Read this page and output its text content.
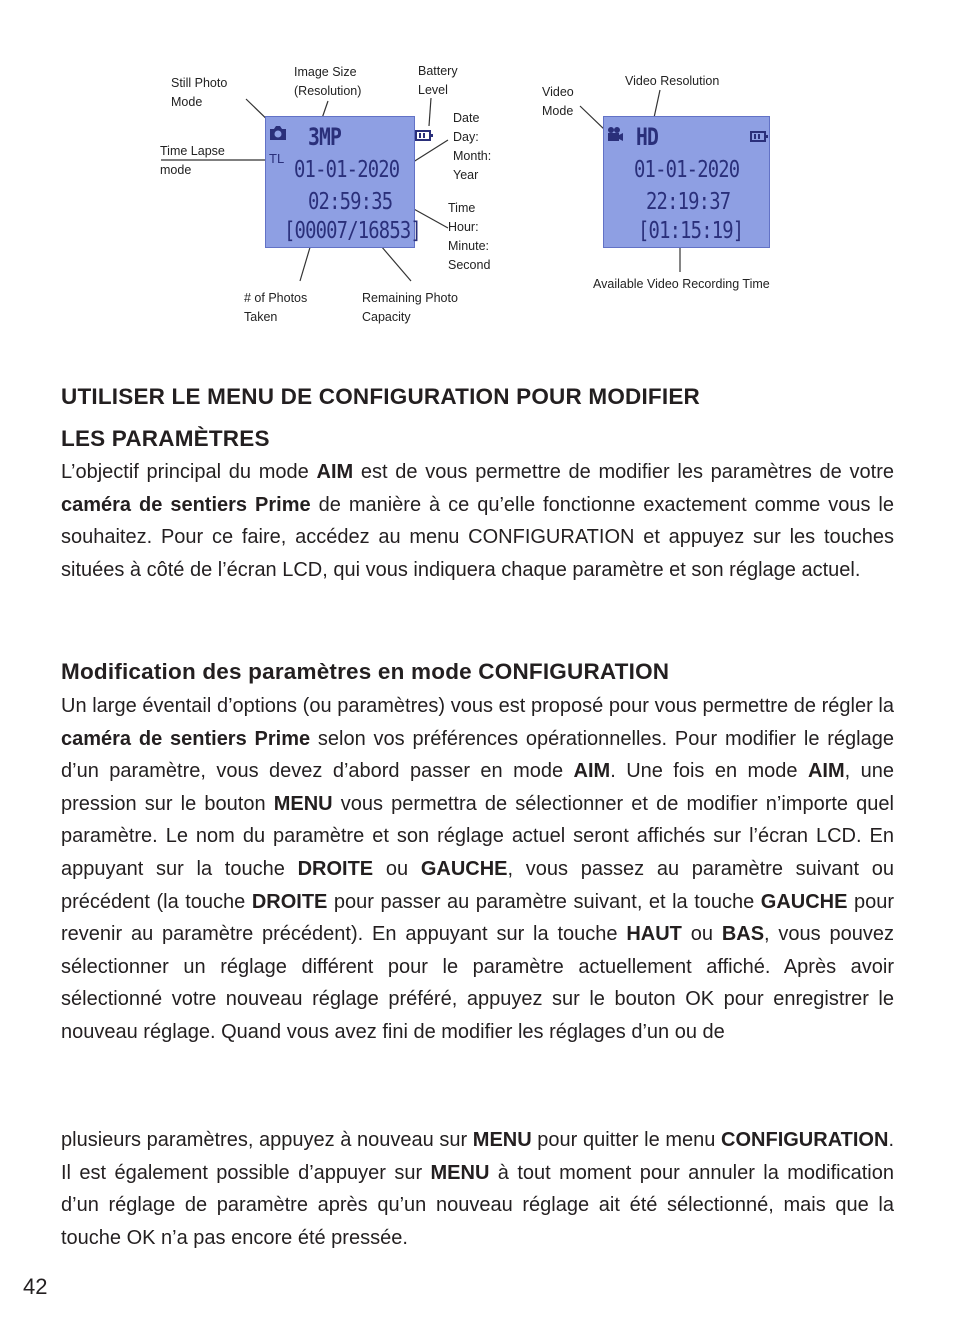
3MP
TL 01-01-2020
02:59:35
[00007/16853]
HD
01-01-2020
22:19:37
[01:15:19]
Still Photo
Mode
Image Size
(Resolution)
Battery
Level
Date
Day:
Month:
Year
Time Lapse
mode
Time
Hour:
Minute:
Second
# of Photos
Taken
Remaining Photo
Capacity
Video
Mode
Video Resolution
Available Video Recording Time
UTILISER LE MENU DE CONFIGURATION POUR MODIFIER
LES PARAMÈTRES

L’objectif principal du mode AIM est de vous permettre de modifier les paramètres de votre caméra de sentiers Prime de manière à ce qu’elle fonctionne exactement comme vous le souhaitez. Pour ce faire, accédez au menu CONFIGURATION et appuyez sur les touches situées à côté de l’écran LCD, qui vous indiquera chaque paramètre et son réglage actuel.

Modification des paramètres en mode CONFIGURATION

Un large éventail d’options (ou paramètres) vous est proposé pour vous permettre de régler la caméra de sentiers Prime selon vos préférences opérationnelles. Pour modifier le réglage d’un paramètre, vous devez d’abord passer en mode AIM. Une fois en mode AIM, une pression sur le bouton MENU vous permettra de sélectionner et de modifier n’importe quel paramètre. Le nom du paramètre et son réglage actuel seront affichés sur l’écran LCD. En appuyant sur la touche DROITE ou GAUCHE, vous passez au paramètre suivant ou précédent (la touche DROITE pour passer au paramètre suivant, et la touche GAUCHE pour revenir au paramètre précédent). En appuyant sur la touche HAUT ou BAS, vous pouvez sélectionner un réglage différent pour le paramètre actuellement affiché. Après avoir sélectionné votre nouveau réglage préféré, appuyez sur le bouton OK pour enregistrer le nouveau réglage. Quand vous avez fini de modifier les réglages d’un ou de

plusieurs paramètres, appuyez à nouveau sur MENU pour quitter le menu CONFIGURATION. Il est également possible d’appuyer sur MENU à tout moment pour annuler la modification d’un réglage de paramètre après qu’un nouveau réglage ait été sélectionné, mais que la touche OK n’a pas encore été pressée.

42
